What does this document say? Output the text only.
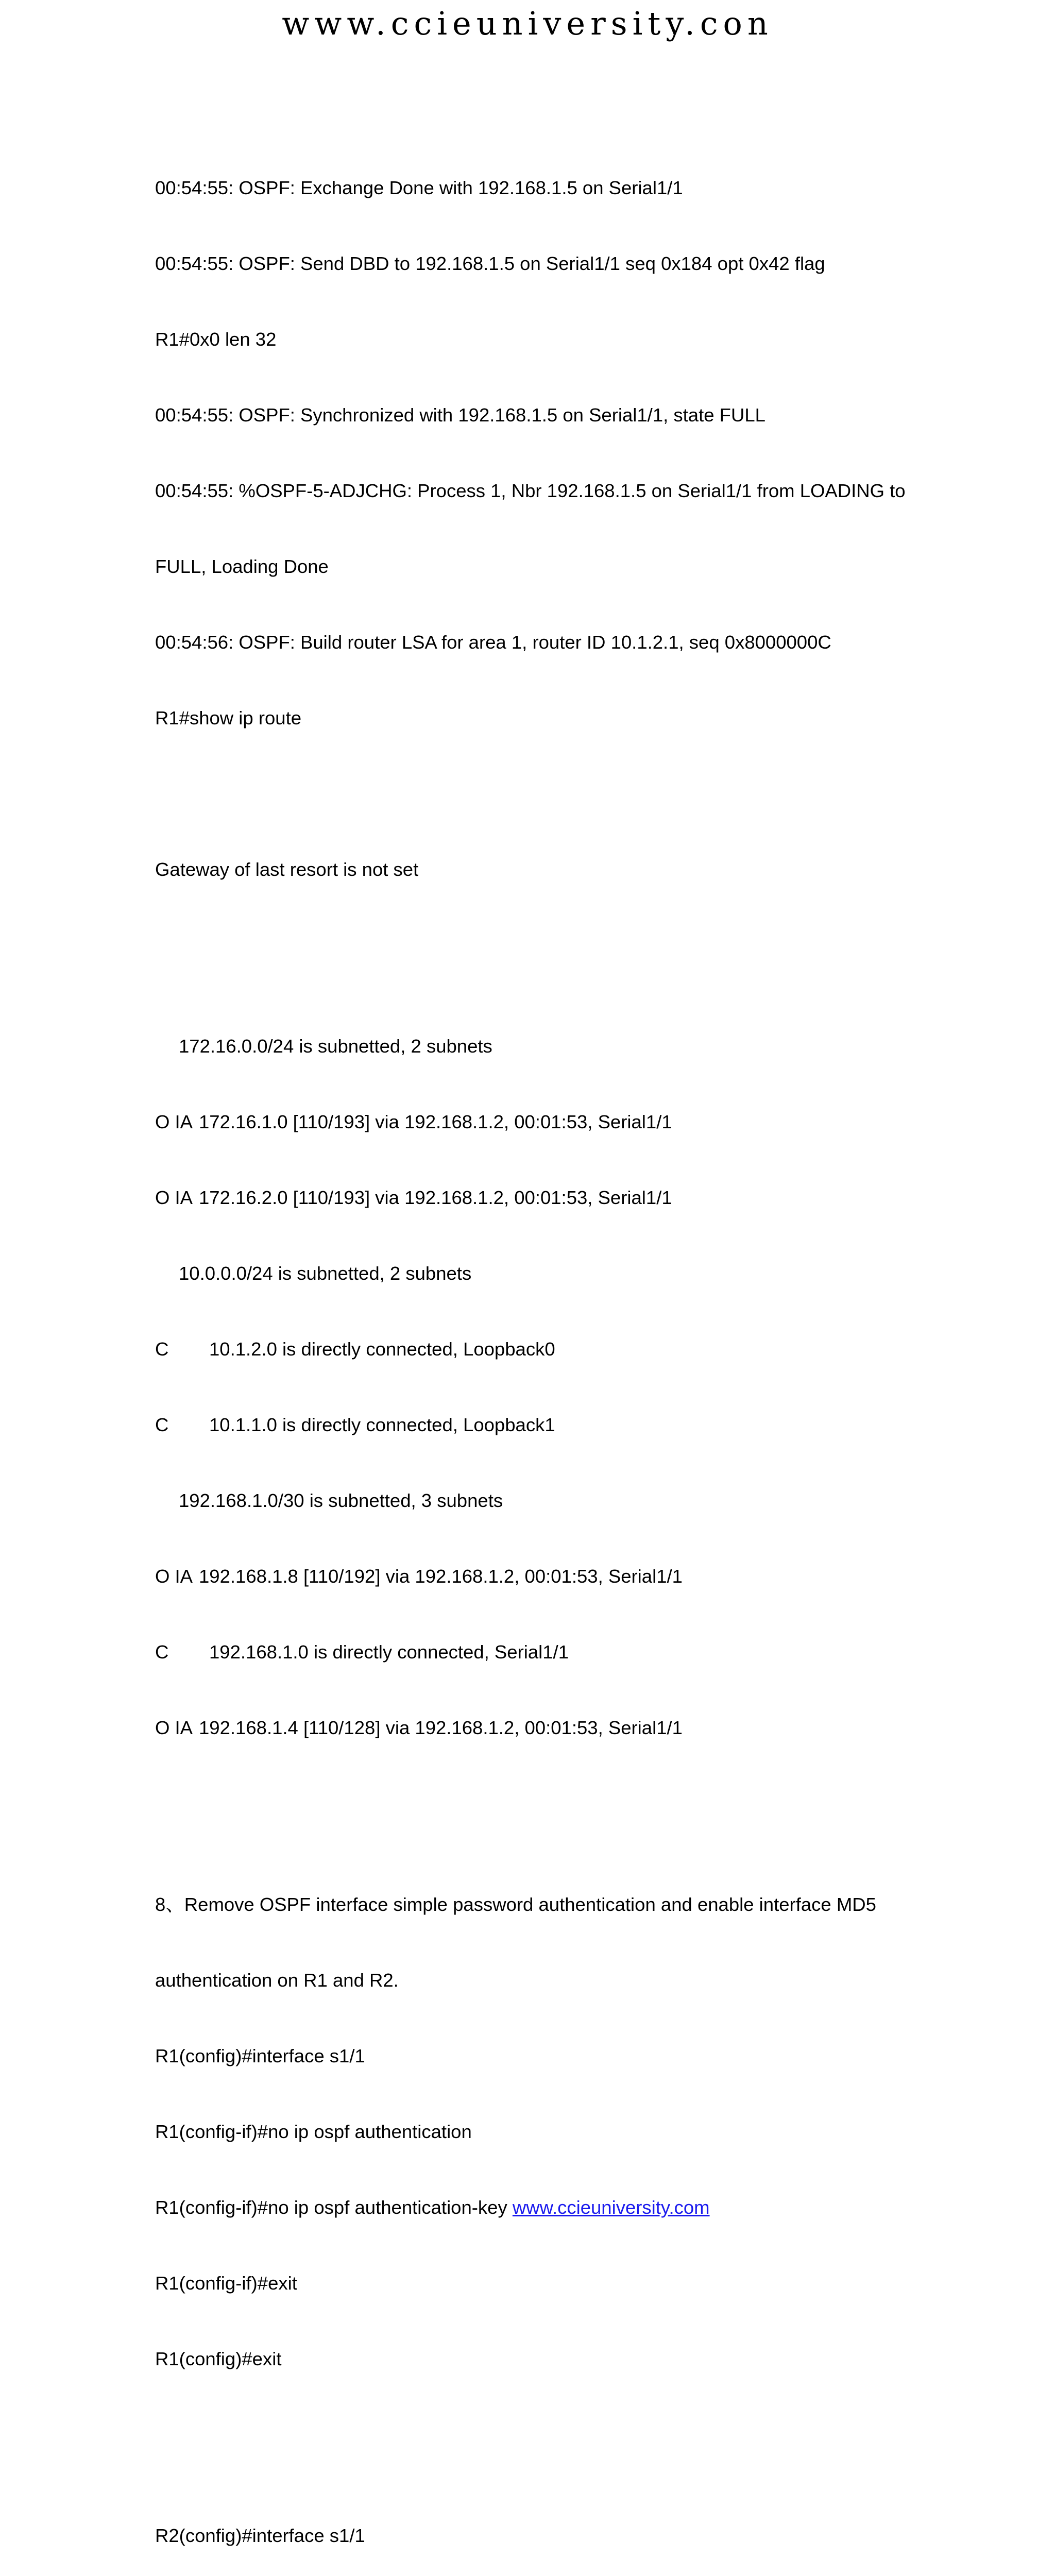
www.ccieuniversity.con

00:54:55: OSPF: Exchange Done with 192.168.1.5 on Serial1/1

00:54:55: OSPF: Send DBD to 192.168.1.5 on Serial1/1 seq 0x184 opt 0x42 flag

R1#0x0 len 32

00:54:55: OSPF: Synchronized with 192.168.1.5 on Serial1/1, state FULL

00:54:55: %OSPF-5-ADJCHG: Process 1, Nbr 192.168.1.5 on Serial1/1 from LOADING to

FULL, Loading Done

00:54:56: OSPF: Build router LSA for area 1, router ID 10.1.2.1, seq 0x8000000C

R1#show ip route

Gateway of last resort is not set

172.16.0.0/24 is subnetted, 2 subnets

O IA 172.16.1.0 [110/193] via 192.168.1.2, 00:01:53, Serial1/1

O IA 172.16.2.0 [110/193] via 192.168.1.2, 00:01:53, Serial1/1

10.0.0.0/24 is subnetted, 2 subnets

C 10.1.2.0 is directly connected, Loopback0

C 10.1.1.0 is directly connected, Loopback1

192.168.1.0/30 is subnetted, 3 subnets

O IA 192.168.1.8 [110/192] via 192.168.1.2, 00:01:53, Serial1/1

C 192.168.1.0 is directly connected, Serial1/1

O IA 192.168.1.4 [110/128] via 192.168.1.2, 00:01:53, Serial1/1

8、Remove OSPF interface simple password authentication and enable interface MD5

authentication on R1 and R2.

R1(config)#interface s1/1

R1(config-if)#no ip ospf authentication

R1(config-if)#no ip ospf authentication-key www.ccieuniversity.com

R1(config-if)#exit

R1(config)#exit

R2(config)#interface s1/1
